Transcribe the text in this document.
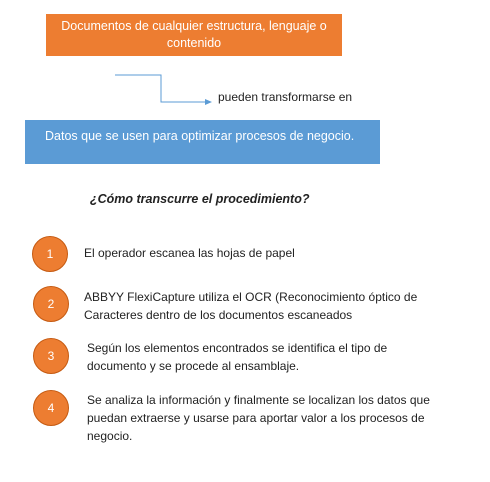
Documentos de cualquier estructura, lenguaje o contenido
pueden transformarse en
Datos que se usen para optimizar procesos de negocio.
¿Cómo transcurre el procedimiento?
1	El operador escanea las hojas de papel
2 ABBYY FlexiCapture utiliza el OCR (Reconocimiento óptico de Caracteres dentro de los documentos escaneados
3
Según los elementos encontrados se identifica el tipo de documento y se procede al ensamblaje.
4
Se analiza la información y finalmente se localizan los datos que puedan extraerse y usarse para aportar valor a los procesos de negocio.
